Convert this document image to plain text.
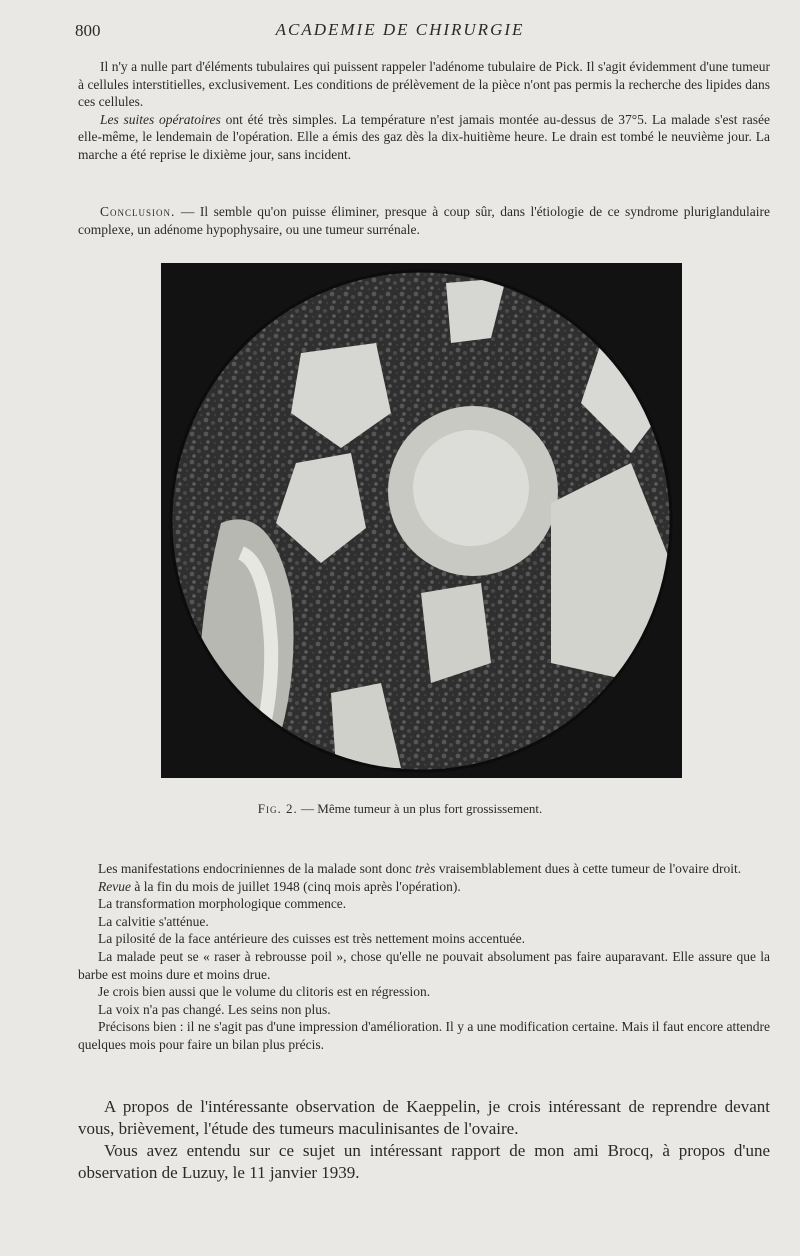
800	ACADEMIE DE CHIRURGIE

Il n'y a nulle part d'éléments tubulaires qui puissent rappeler l'adénome tubulaire de Pick. Il s'agit évidemment d'une tumeur à cellules interstitielles, exclusivement. Les conditions de prélèvement de la pièce n'ont pas permis la recherche des lipides dans ces cellules.

Les suites opératoires ont été très simples. La température n'est jamais montée au-dessus de 37°5. La malade s'est rasée elle-même, le lendemain de l'opération. Elle a émis des gaz dès la dix-huitième heure. Le drain est tombé le neuvième jour. La marche a été reprise le dixième jour, sans incident.

Conclusion. — Il semble qu'on puisse éliminer, presque à coup sûr, dans l'étiologie de ce syndrome pluriglandulaire complexe, un adénome hypophysaire, ou une tumeur surrénale.

Fig. 2. — Même tumeur à un plus fort grossissement.
Les manifestations endocriniennes de la malade sont donc très vraisemblablement dues à cette tumeur de l'ovaire droit.
Revue à la fin du mois de juillet 1948 (cinq mois après l'opération).
La transformation morphologique commence.
La calvitie s'atténue.
La pilosité de la face antérieure des cuisses est très nettement moins accentuée.
La malade peut se « raser à rebrousse poil », chose qu'elle ne pouvait absolument pas faire auparavant. Elle assure que la barbe est moins dure et moins drue.
Je crois bien aussi que le volume du clitoris est en régression.
La voix n'a pas changé. Les seins non plus.
Précisons bien : il ne s'agit pas d'une impression d'amélioration. Il y a une modification certaine. Mais il faut encore attendre quelques mois pour faire un bilan plus précis.

A propos de l'intéressante observation de Kaeppelin, je crois intéressant de reprendre devant vous, brièvement, l'étude des tumeurs maculinisantes de l'ovaire.

Vous avez entendu sur ce sujet un intéressant rapport de mon ami Brocq, à propos d'une observation de Luzuy, le 11 janvier 1939.
